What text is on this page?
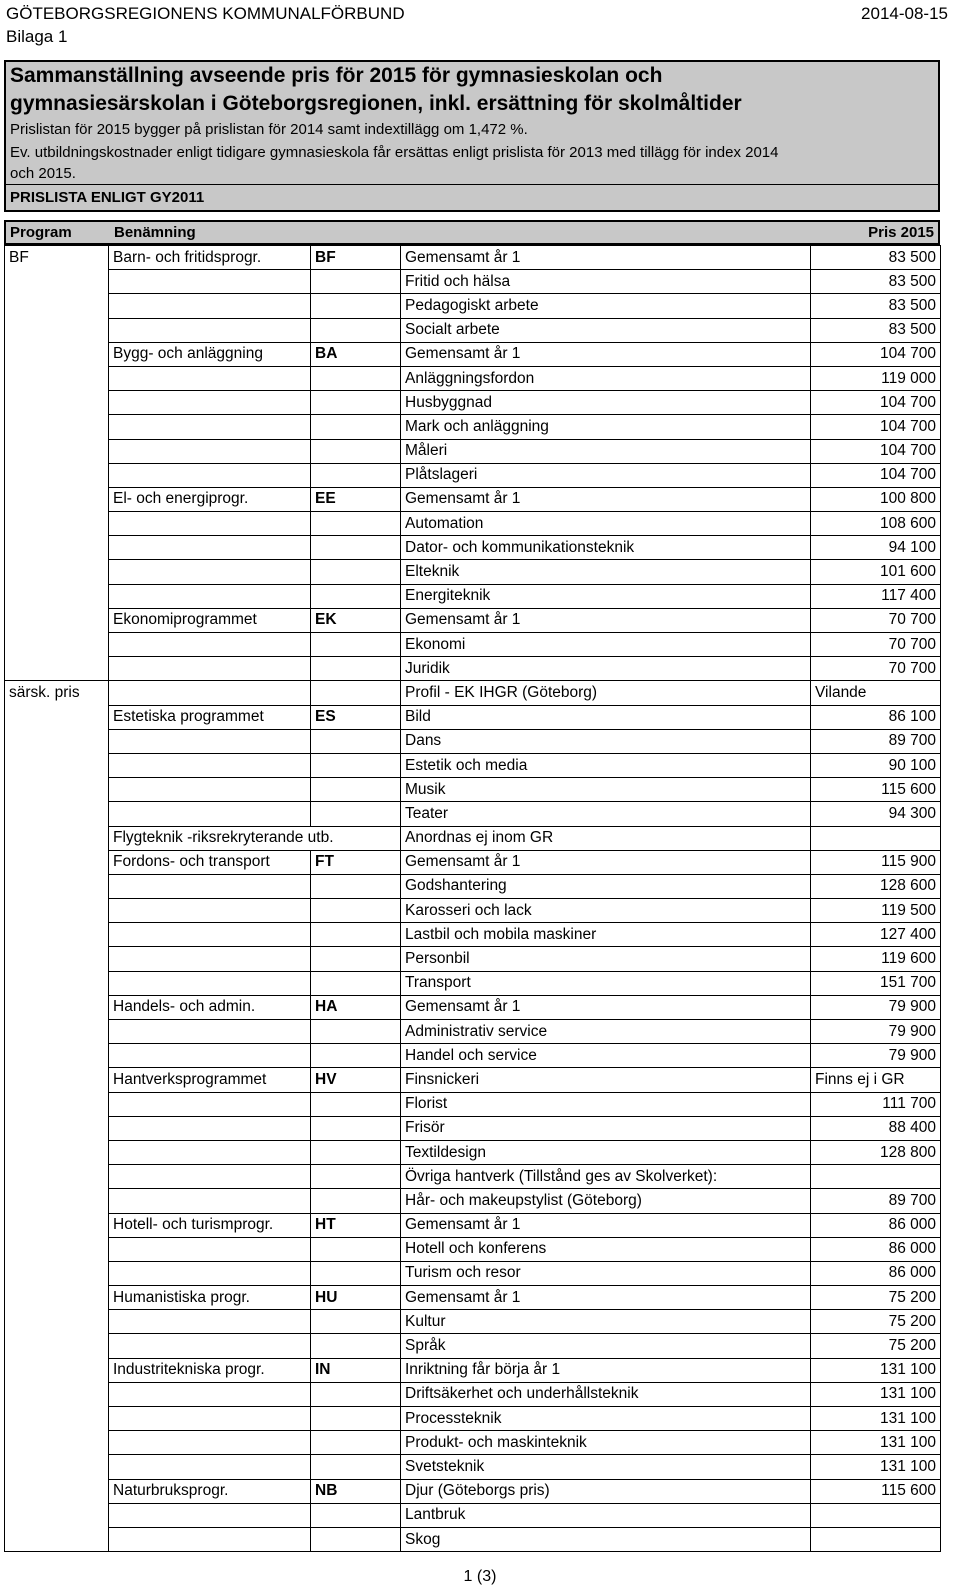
GÖTEBORGSREGIONENS KOMMUNALFÖRBUND
Bilaga 1
2014-08-15
Sammanställning avseende pris för 2015 för gymnasieskolan och
gymnasiesärskolan i Göteborgsregionen, inkl. ersättning för skolmåltider
Prislistan för 2015 bygger på prislistan för 2014 samt indextillägg om 1,472 %.
Ev. utbildningskostnader enligt tidigare gymnasieskola får ersättas enligt prislista för 2013 med tillägg för index 2014
och 2015.
PRISLISTA ENLIGT GY2011
Program	Benämning	Pris 2015
BF	Barn- och fritidsprogr.	BF	Gemensamt år 1	83 500
			Fritid och hälsa	83 500
			Pedagogiskt arbete	83 500
			Socialt arbete	83 500
	Bygg- och anläggning	BA	Gemensamt år 1	104 700
			Anläggningsfordon	119 000
			Husbyggnad	104 700
			Mark och anläggning	104 700
			Måleri	104 700
			Plåtslageri	104 700
	El- och energiprogr.	EE	Gemensamt år 1	100 800
			Automation	108 600
			Dator- och kommunikationsteknik	94 100
			Elteknik	101 600
			Energiteknik	117 400
	Ekonomiprogrammet	EK	Gemensamt år 1	70 700
			Ekonomi	70 700
			Juridik	70 700
särsk. pris			Profil - EK IHGR (Göteborg)	Vilande
	Estetiska programmet	ES	Bild	86 100
			Dans	89 700
			Estetik och media	90 100
			Musik	115 600
			Teater	94 300
	Flygteknik -riksrekryterande utb.		Anordnas ej inom GR	
	Fordons- och transport	FT	Gemensamt år 1	115 900
			Godshantering	128 600
			Karosseri och lack	119 500
			Lastbil och mobila maskiner	127 400
			Personbil	119 600
			Transport	151 700
	Handels- och admin.	HA	Gemensamt år 1	79 900
			Administrativ service	79 900
			Handel och service	79 900
	Hantverksprogrammet	HV	Finsnickeri	Finns ej i GR
			Florist	111 700
			Frisör	88 400
			Textildesign	128 800
			Övriga hantverk (Tillstånd ges av Skolverket):	
			Hår- och makeupstylist (Göteborg)	89 700
	Hotell- och turismprogr.	HT	Gemensamt år 1	86 000
			Hotell och konferens	86 000
			Turism och resor	86 000
	Humanistiska progr.	HU	Gemensamt år 1	75 200
			Kultur	75 200
			Språk	75 200
	Industritekniska progr.	IN	Inriktning får börja år 1	131 100
			Driftsäkerhet och underhållsteknik	131 100
			Processteknik	131 100
			Produkt- och maskinteknik	131 100
			Svetsteknik	131 100
	Naturbruksprogr.	NB	Djur (Göteborgs pris)	115 600
			Lantbruk	
			Skog	
1 (3)
